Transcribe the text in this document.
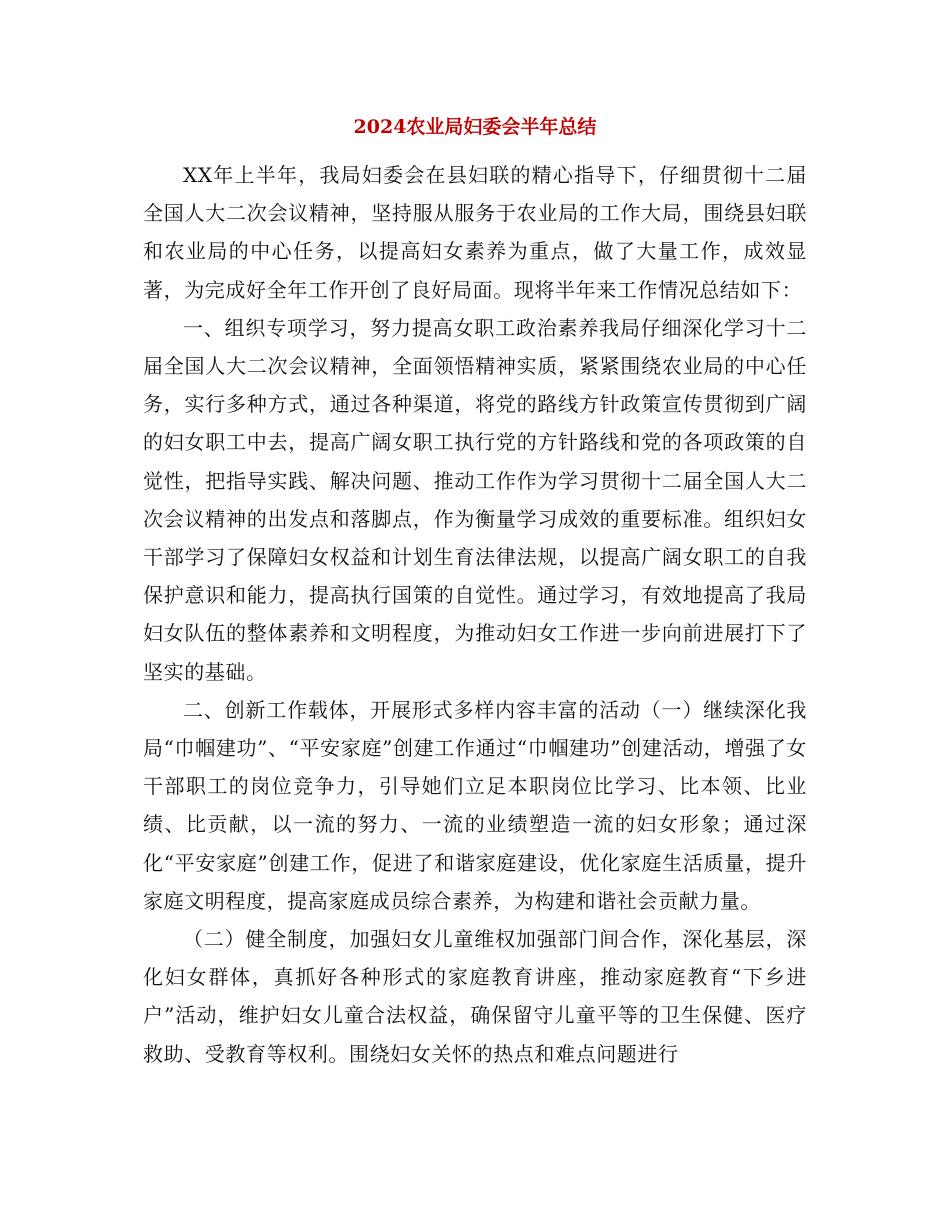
2024农业局妇委会半年总结

XX年上半年，我局妇委会在县妇联的精心指导下，仔细贯彻十二届全国人大二次会议精神，坚持服从服务于农业局的工作大局，围绕县妇联和农业局的中心任务，以提高妇女素养为重点，做了大量工作，成效显著，为完成好全年工作开创了良好局面。现将半年来工作情况总结如下：

一、组织专项学习，努力提高女职工政治素养我局仔细深化学习十二届全国人大二次会议精神，全面领悟精神实质，紧紧围绕农业局的中心任务，实行多种方式，通过各种渠道，将党的路线方针政策宣传贯彻到广阔的妇女职工中去，提高广阔女职工执行党的方针路线和党的各项政策的自觉性，把指导实践、解决问题、推动工作作为学习贯彻十二届全国人大二次会议精神的出发点和落脚点，作为衡量学习成效的重要标准。组织妇女干部学习了保障妇女权益和计划生育法律法规，以提高广阔女职工的自我保护意识和能力，提高执行国策的自觉性。通过学习，有效地提高了我局妇女队伍的整体素养和文明程度，为推动妇女工作进一步向前进展打下了坚实的基础。

二、创新工作载体，开展形式多样内容丰富的活动（一）继续深化我局“巾帼建功”、“平安家庭”创建工作通过“巾帼建功”创建活动，增强了女干部职工的岗位竞争力，引导她们立足本职岗位比学习、比本领、比业绩、比贡献，以一流的努力、一流的业绩塑造一流的妇女形象；通过深化“平安家庭”创建工作，促进了和谐家庭建设，优化家庭生活质量，提升家庭文明程度，提高家庭成员综合素养，为构建和谐社会贡献力量。

（二）健全制度，加强妇女儿童维权加强部门间合作，深化基层，深化妇女群体，真抓好各种形式的家庭教育讲座，推动家庭教育“下乡进户”活动，维护妇女儿童合法权益，确保留守儿童平等的卫生保健、医疗救助、受教育等权利。围绕妇女关怀的热点和难点问题进行
